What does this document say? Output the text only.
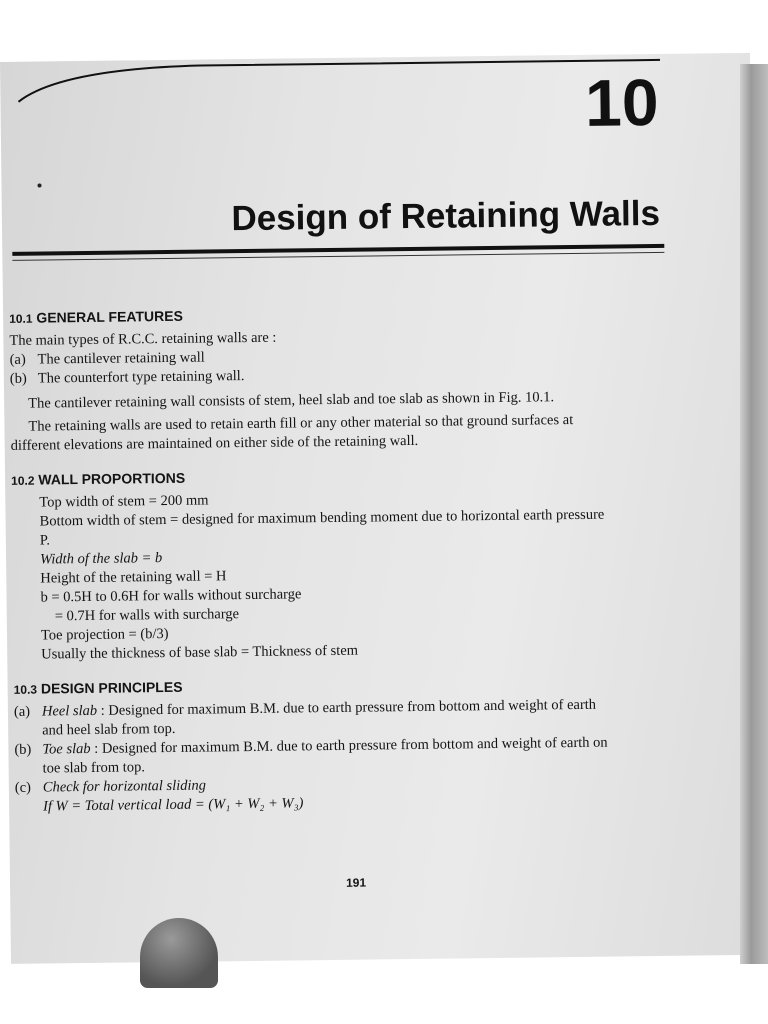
10
Design of Retaining Walls
10.1 GENERAL FEATURES
The main types of R.C.C. retaining walls are :
(a) The cantilever retaining wall
(b) The counterfort type retaining wall.
The cantilever retaining wall consists of stem, heel slab and toe slab as shown in Fig. 10.1.
The retaining walls are used to retain earth fill or any other material so that ground surfaces at
different elevations are maintained on either side of the retaining wall.
10.2 WALL PROPORTIONS
Top width of stem = 200 mm
Bottom width of stem = designed for maximum bending moment due to horizontal earth pressure
P.
Width of the slab = b
Height of the retaining wall = H
b = 0.5H to 0.6H for walls without surcharge
= 0.7H for walls with surcharge
Toe projection = (b/3)
Usually the thickness of base slab = Thickness of stem
10.3 DESIGN PRINCIPLES
(a) Heel slab : Designed for maximum B.M. due to earth pressure from bottom and weight of earth
and heel slab from top.
(b) Toe slab : Designed for maximum B.M. due to earth pressure from bottom and weight of earth on
toe slab from top.
(c) Check for horizontal sliding
If W = Total vertical load = (W₁ + W₂ + W₃)
191
